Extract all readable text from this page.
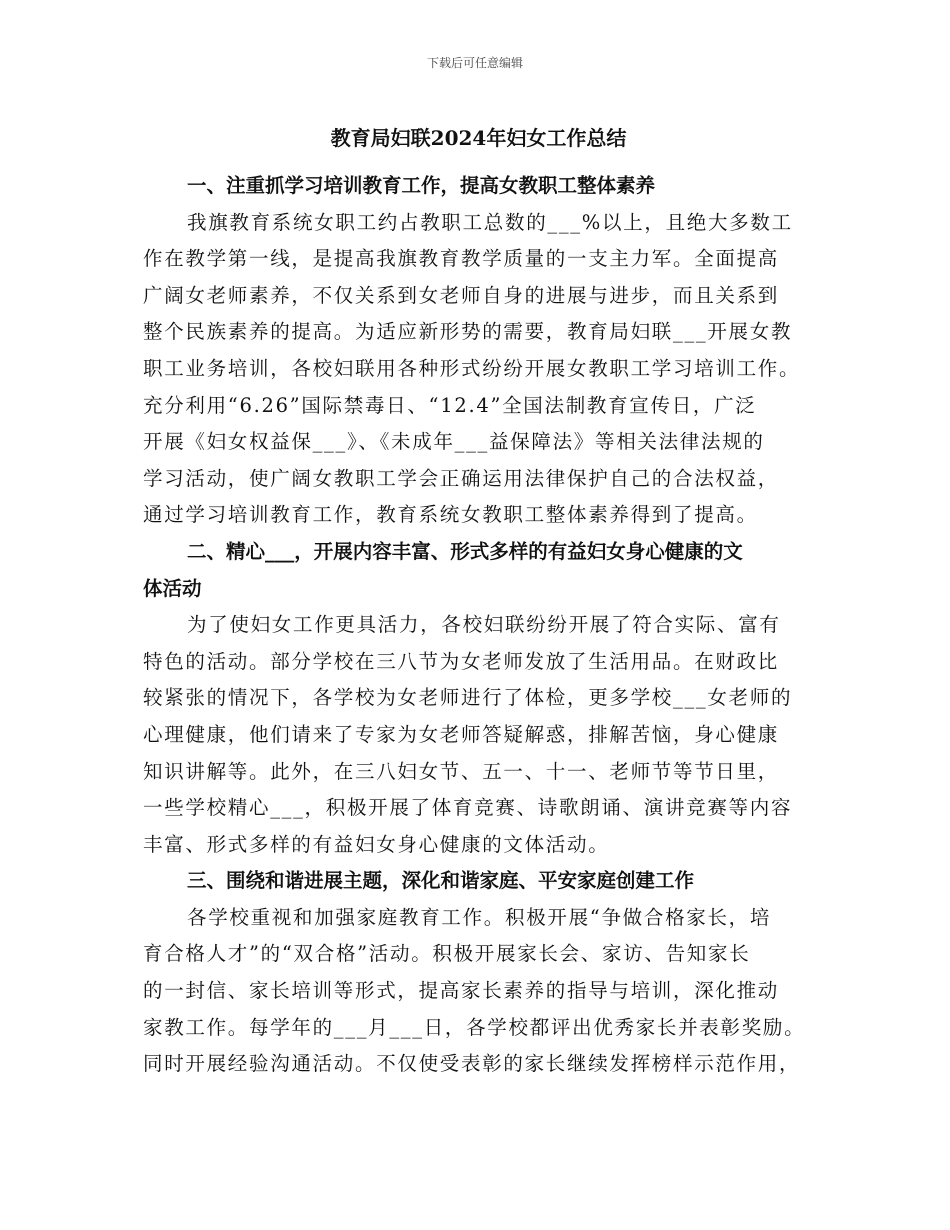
下载后可任意编辑
教育局妇联2024年妇女工作总结
一、注重抓学习培训教育工作，提高女教职工整体素养
我旗教育系统女职工约占教职工总数的___%以上，且绝大多数工
作在教学第一线，是提高我旗教育教学质量的一支主力军。全面提高
广阔女老师素养，不仅关系到女老师自身的进展与进步，而且关系到
整个民族素养的提高。为适应新形势的需要，教育局妇联___开展女教
职工业务培训，各校妇联用各种形式纷纷开展女教职工学习培训工作。
充分利用“6.26”国际禁毒日、“12.4”全国法制教育宣传日，广泛
开展《妇女权益保___》、《未成年___益保障法》等相关法律法规的
学习活动，使广阔女教职工学会正确运用法律保护自己的合法权益，
通过学习培训教育工作，教育系统女教职工整体素养得到了提高。
二、精心___，开展内容丰富、形式多样的有益妇女身心健康的文
体活动
为了使妇女工作更具活力，各校妇联纷纷开展了符合实际、富有
特色的活动。部分学校在三八节为女老师发放了生活用品。在财政比
较紧张的情况下，各学校为女老师进行了体检，更多学校___女老师的
心理健康，他们请来了专家为女老师答疑解惑，排解苦恼，身心健康
知识讲解等。此外，在三八妇女节、五一、十一、老师节等节日里，
一些学校精心___，积极开展了体育竞赛、诗歌朗诵、演讲竞赛等内容
丰富、形式多样的有益妇女身心健康的文体活动。
三、围绕和谐进展主题，深化和谐家庭、平安家庭创建工作
各学校重视和加强家庭教育工作。积极开展“争做合格家长，培
育合格人才”的“双合格”活动。积极开展家长会、家访、告知家长
的一封信、家长培训等形式，提高家长素养的指导与培训，深化推动
家教工作。每学年的___月___日，各学校都评出优秀家长并表彰奖励。
同时开展经验沟通活动。不仅使受表彰的家长继续发挥榜样示范作用，
